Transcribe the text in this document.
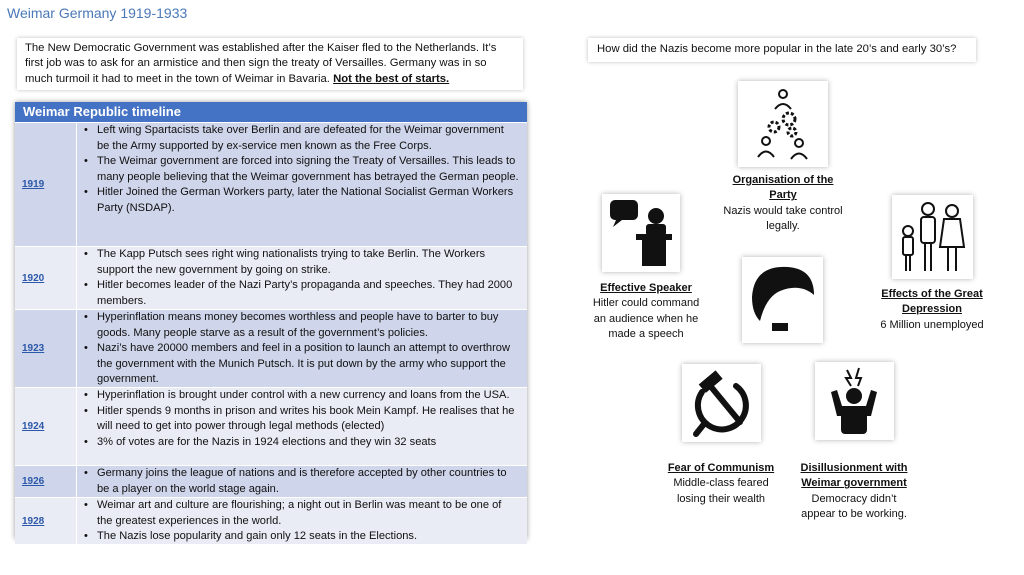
Weimar Germany 1919-1933
The New Democratic Government was established after the Kaiser fled to the Netherlands. It’s first job was to ask for an armistice and then sign the treaty of Versailles. Germany was in so much turmoil it had to meet in the town of Weimar in Bavaria. Not the best of starts.
How did the Nazis become more popular in the late 20’s and early 30’s?
Weimar Republic timeline
1919
• Left wing Spartacists take over Berlin and are defeated for the Weimar government be the Army supported by ex-service men known as the Free Corps.
• The Weimar government are forced into signing the Treaty of Versailles. This leads to many people believing that the Weimar government has betrayed the German people.
• Hitler Joined the German Workers party, later the National Socialist German Workers Party (NSDAP).
1920
• The Kapp Putsch sees right wing nationalists trying to take Berlin. The Workers support the new government by going on strike.
• Hitler becomes leader of the Nazi Party’s propaganda and speeches. They had 2000 members.
1923
• Hyperinflation means money becomes worthless and people have to barter to buy goods. Many people starve as a result of the government’s policies.
• Nazi’s have 20000 members and feel in a position to launch an attempt to overthrow the government with the Munich Putsch. It is put down by the army who support the government.
1924
• Hyperinflation is brought under control with a new currency and loans from the USA.
• Hitler spends 9 months in prison and writes his book Mein Kampf. He realises that he will need to get into power through legal methods (elected)
• 3% of votes are for the Nazis in 1924 elections and they win 32 seats
1926
• Germany joins the league of nations and is therefore accepted by other countries to be a player on the world stage again.
1928
• Weimar art and culture are flourishing; a night out in Berlin was meant to be one of the greatest experiences in the world.
• The Nazis lose popularity and gain only 12 seats in the Elections.
Organisation of the Party
Nazis would take control legally.
Effective Speaker
Hitler could command an audience when he made a speech
Effects of the Great Depression
6 Million unemployed
Fear of Communism
Middle-class feared losing their wealth
Disillusionment with Weimar government
Democracy didn’t appear to be working.
